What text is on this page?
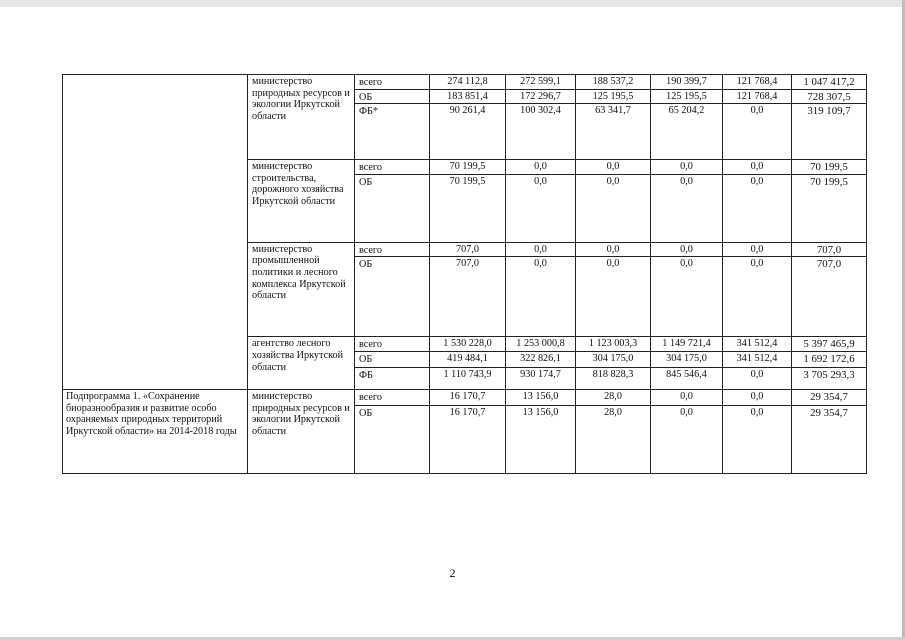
	министерство природных ресурсов и экологии Иркутской области	всего	274 112,8	272 599,1	188 537,2	190 399,7	121 768,4	1 047 417,2
		ОБ	183 851,4	172 296,7	125 195,5	125 195,5	121 768,4	728 307,5
		ФБ*	90 261,4	100 302,4	63 341,7	65 204,2	0,0	319 109,7
	министерство строительства, дорожного хозяйства Иркутской области	всего	70 199,5	0,0	0,0	0,0	0,0	70 199,5
		ОБ	70 199,5	0,0	0,0	0,0	0,0	70 199,5
	министерство промышленной политики и лесного комплекса Иркутской области	всего	707,0	0,0	0,0	0,0	0,0	707,0
		ОБ	707,0	0,0	0,0	0,0	0,0	707,0
	агентство лесного хозяйства Иркутской области	всего	1 530 228,0	1 253 000,8	1 123 003,3	1 149 721,4	341 512,4	5 397 465,9
		ОБ	419 484,1	322 826,1	304 175,0	304 175,0	341 512,4	1 692 172,6
		ФБ	1 110 743,9	930 174,7	818 828,3	845 546,4	0,0	3 705 293,3
Подпрограмма 1. «Сохранение биоразнообразия и развитие особо охраняемых природных территорий Иркутской области» на 2014-2018 годы	министерство природных ресурсов и экологии Иркутской области	всего	16 170,7	13 156,0	28,0	0,0	0,0	29 354,7
		ОБ	16 170,7	13 156,0	28,0	0,0	0,0	29 354,7
2
